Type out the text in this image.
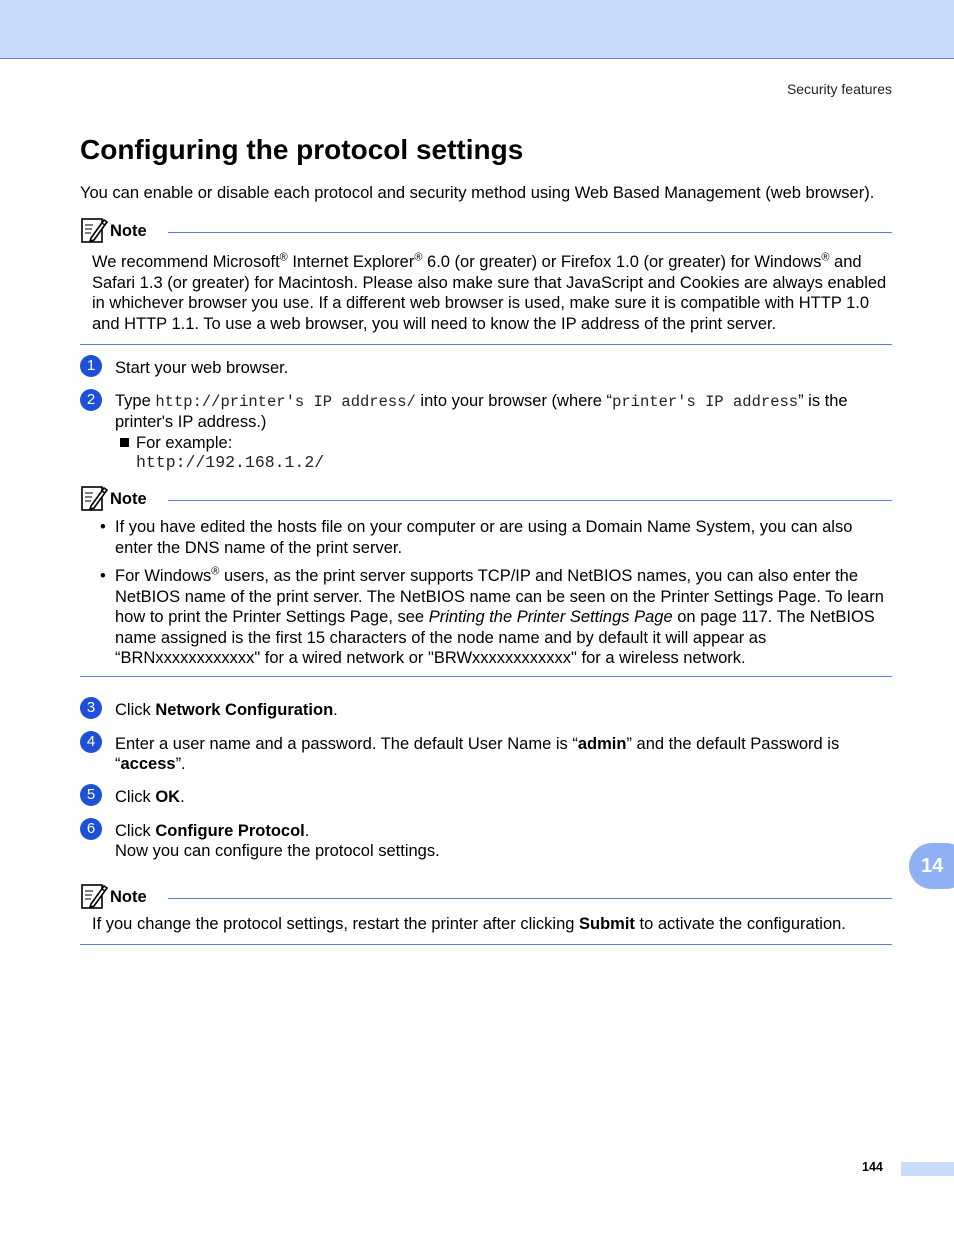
Security features
Configuring the protocol settings

You can enable or disable each protocol and security method using Web Based Management (web browser).

Note

We recommend Microsoft® Internet Explorer® 6.0 (or greater) or Firefox 1.0 (or greater) for Windows® and Safari 1.3 (or greater) for Macintosh. Please also make sure that JavaScript and Cookies are always enabled in whichever browser you use. If a different web browser is used, make sure it is compatible with HTTP 1.0 and HTTP 1.1. To use a web browser, you will need to know the IP address of the print server.

1	Start your web browser.

2	Type http://printer's IP address/ into your browser (where “printer's IP address” is the printer's IP address.)

For example:

http://192.168.1.2/

Note
• If you have edited the hosts file on your computer or are using a Domain Name System, you can also enter the DNS name of the print server.
• For Windows® users, as the print server supports TCP/IP and NetBIOS names, you can also enter the NetBIOS name of the print server. The NetBIOS name can be seen on the Printer Settings Page. To learn how to print the Printer Settings Page, see Printing the Printer Settings Page on page 117. The NetBIOS name assigned is the first 15 characters of the node name and by default it will appear as “BRNxxxxxxxxxxxx" for a wired network or "BRWxxxxxxxxxxxx" for a wireless network.
3	Click Network Configuration.

4	Enter a user name and a password. The default User Name is “admin” and the default Password is “access”.

5	Click OK.

6	Click Configure Protocol.
Now you can configure the protocol settings.

Note

If you change the protocol settings, restart the printer after clicking Submit to activate the configuration.

14
144
